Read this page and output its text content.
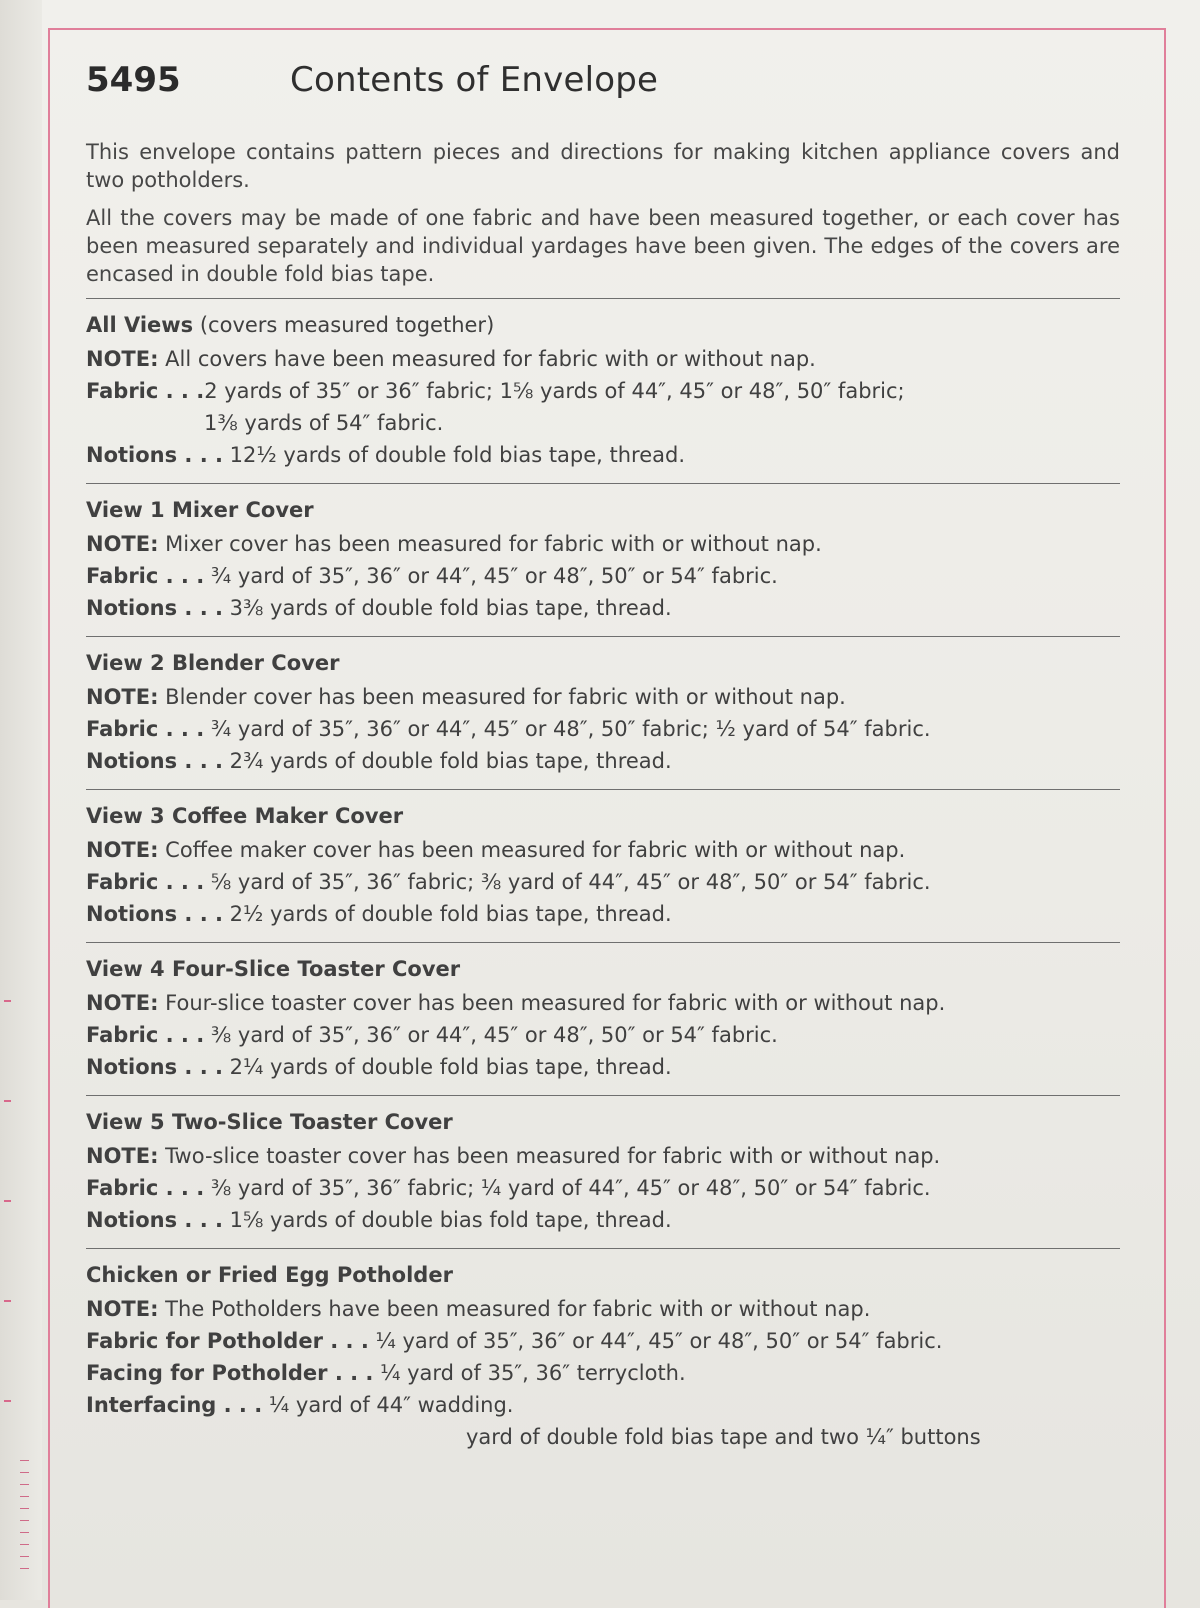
5495	Contents of Envelope

This envelope contains pattern pieces and directions for making kitchen appliance covers and two potholders.

All the covers may be made of one fabric and have been measured together, or each cover has been measured separately and individual yardages have been given. The edges of the covers are encased in double fold bias tape.

All Views (covers measured together)
NOTE: All covers have been measured for fabric with or without nap.
Fabric . . .2 yards of 35″ or 36″ fabric; 1⅝ yards of 44″, 45″ or 48″, 50″ fabric;
1⅜ yards of 54″ fabric.
Notions . . . 12½ yards of double fold bias tape, thread.
View 1 Mixer Cover
NOTE: Mixer cover has been measured for fabric with or without nap.
Fabric . . . ¾ yard of 35″, 36″ or 44″, 45″ or 48″, 50″ or 54″ fabric.
Notions . . . 3⅜ yards of double fold bias tape, thread.
View 2 Blender Cover
NOTE: Blender cover has been measured for fabric with or without nap.
Fabric . . . ¾ yard of 35″, 36″ or 44″, 45″ or 48″, 50″ fabric; ½ yard of 54″ fabric.
Notions . . . 2¾ yards of double fold bias tape, thread.
View 3 Coffee Maker Cover
NOTE: Coffee maker cover has been measured for fabric with or without nap.
Fabric . . . ⅝ yard of 35″, 36″ fabric; ⅜ yard of 44″, 45″ or 48″, 50″ or 54″ fabric.
Notions . . . 2½ yards of double fold bias tape, thread.
View 4 Four-Slice Toaster Cover
NOTE: Four-slice toaster cover has been measured for fabric with or without nap.
Fabric . . . ⅜ yard of 35″, 36″ or 44″, 45″ or 48″, 50″ or 54″ fabric.
Notions . . . 2¼ yards of double fold bias tape, thread.
View 5 Two-Slice Toaster Cover
NOTE: Two-slice toaster cover has been measured for fabric with or without nap.
Fabric . . . ⅜ yard of 35″, 36″ fabric; ¼ yard of 44″, 45″ or 48″, 50″ or 54″ fabric.
Notions . . . 1⅝ yards of double bias fold tape, thread.
Chicken or Fried Egg Potholder
NOTE: The Potholders have been measured for fabric with or without nap.
Fabric for Potholder . . . ¼ yard of 35″, 36″ or 44″, 45″ or 48″, 50″ or 54″ fabric.
Facing for Potholder . . . ¼ yard of 35″, 36″ terrycloth.
Interfacing . . . ¼ yard of 44″ wadding.
yard of double fold bias tape and two ¼″ buttons
